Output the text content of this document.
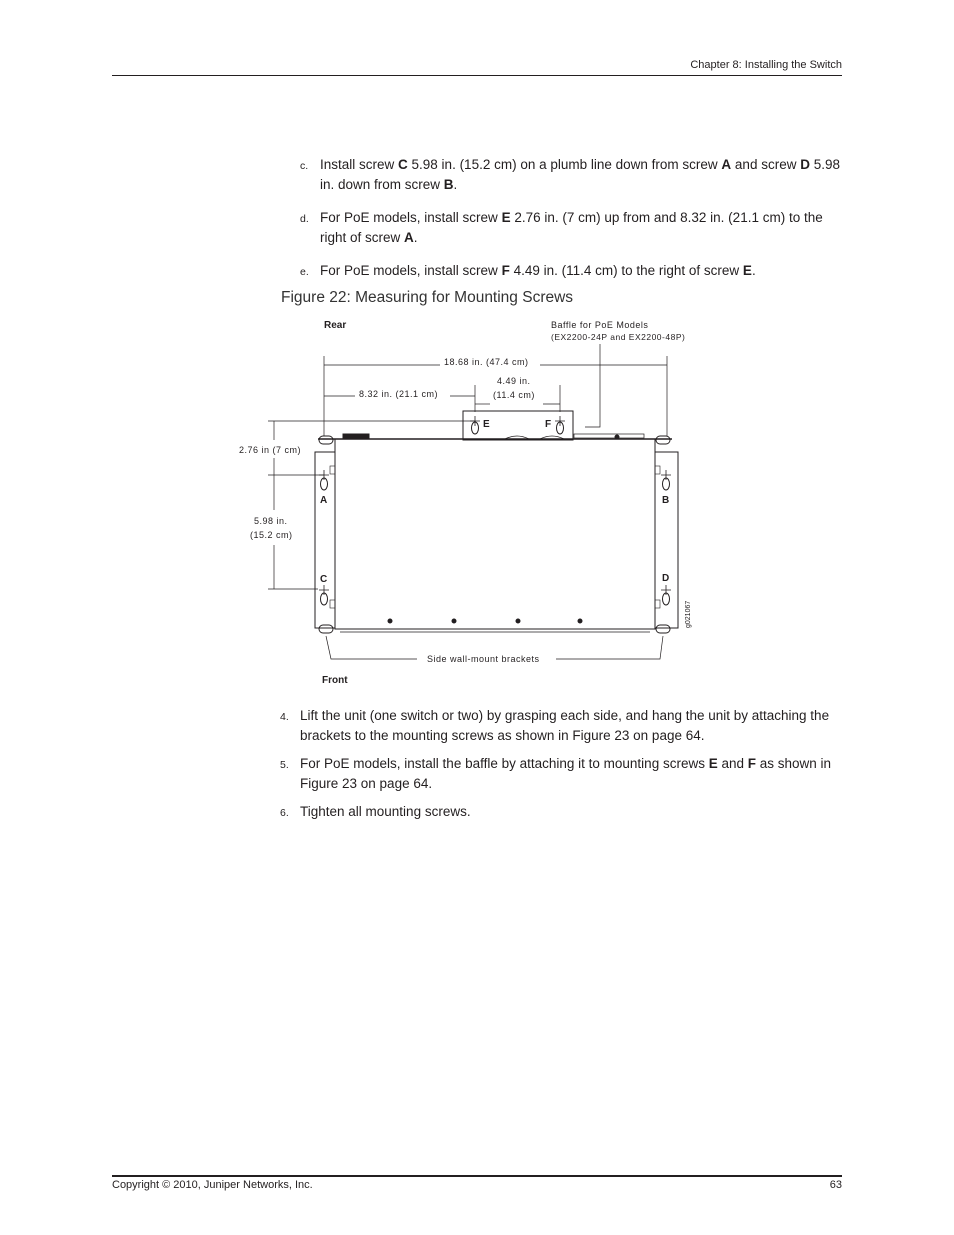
Chapter 8: Installing the Switch
c. Install screw C 5.98 in. (15.2 cm) on a plumb line down from screw A and screw D 5.98 in. down from screw B.
d. For PoE models, install screw E 2.76 in. (7 cm) up from and 8.32 in. (21.1 cm) to the right of screw A.
e. For PoE models, install screw F 4.49 in. (11.4 cm) to the right of screw E.
Figure 22: Measuring for Mounting Screws
Rear
Front
Baffle for PoE Models
(EX2200-24P and EX2200-48P)
18.68 in. (47.4 cm)
8.32 in. (21.1 cm)
4.49 in.
(11.4 cm)
2.76 in (7 cm)
5.98 in.
(15.2 cm)
Side wall-mount brackets
g021067
A	B
C	D
E	F
4. Lift the unit (one switch or two) by grasping each side, and hang the unit by attaching the brackets to the mounting screws as shown in Figure 23 on page 64.
5. For PoE models, install the baffle by attaching it to mounting screws E and F as shown in Figure 23 on page 64.
6. Tighten all mounting screws.
Copyright © 2010, Juniper Networks, Inc.	63
